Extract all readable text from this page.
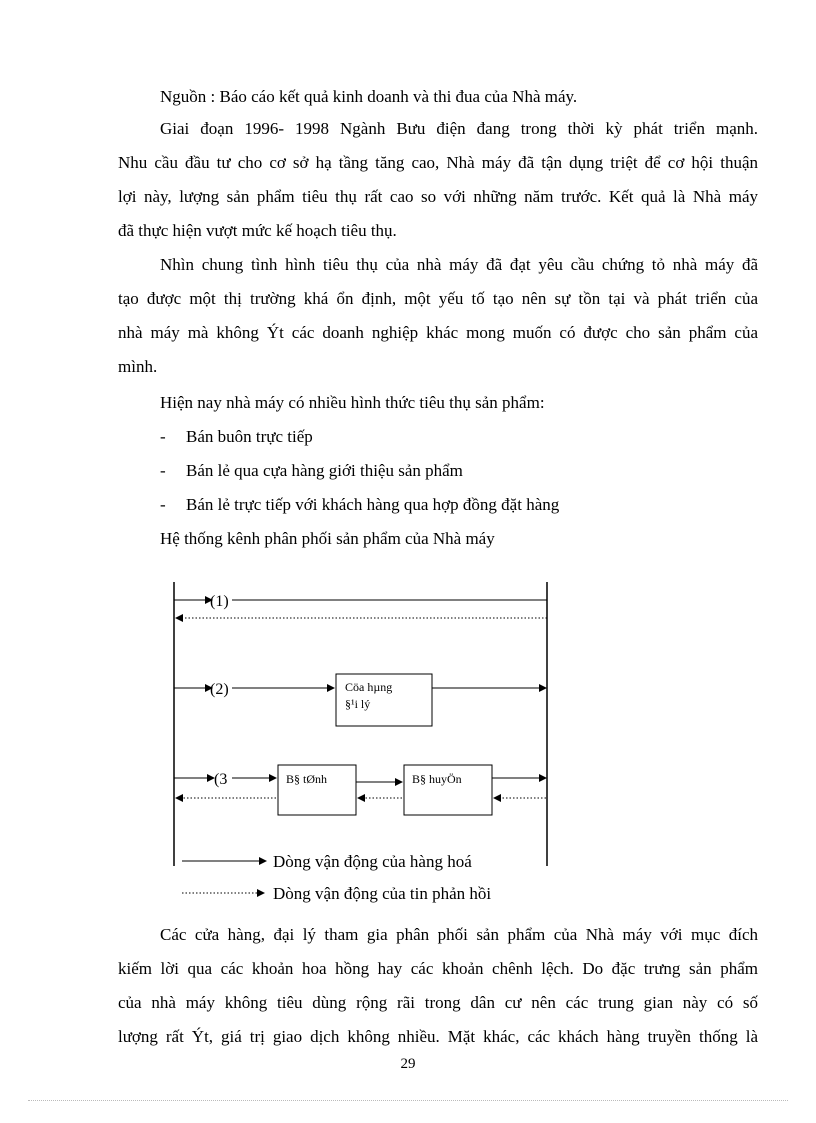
Nguồn : Báo cáo kết quả kinh doanh và thi đua của Nhà máy.
Giai đoạn 1996- 1998 Ngành Bưu điện đang trong thời kỳ phát triển mạnh.
Nhu cầu đầu tư cho cơ sở hạ tầng tăng cao, Nhà máy đã tận dụng triệt để cơ hội thuận
lợi này, lượng sản phẩm tiêu thụ rất cao so với những năm trước. Kết quả là Nhà máy
đã thực hiện vượt mức kế hoạch tiêu thụ.
Nhìn chung tình hình tiêu thụ của nhà máy đã đạt yêu cầu chứng tỏ nhà máy đã
tạo được một thị trường khá ổn định, một yếu tố tạo nên sự tồn tại và phát triển của
nhà máy mà không Ýt các doanh nghiệp khác mong muốn có được cho sản phẩm của
mình.
Hiện nay nhà máy có nhiều hình thức tiêu thụ sản phẩm:
- Bán buôn trực tiếp
- Bán lẻ qua cựa hàng giới thiệu sản phẩm
- Bán lẻ trực tiếp với khách hàng qua hợp đồng đặt hàng
Hệ thống kênh phân phối sản phẩm của Nhà máy
(1)
Cöa hµng
§¹i lý
(2)
B§ tØnh	B§ huyÖn
(3
Dòng vận động của hàng hoá
Dòng vận động của tin phản hồi
Các cửa hàng, đại lý tham gia phân phối sản phẩm của Nhà máy với mục đích
kiếm lời qua các khoản hoa hồng hay các khoản chênh lệch. Do đặc trưng sản phẩm
của nhà máy không tiêu dùng rộng rãi trong dân cư nên các trung gian này có số
lượng rất Ýt, giá trị giao dịch không nhiều. Mặt khác, các khách hàng truyền thống là
29
